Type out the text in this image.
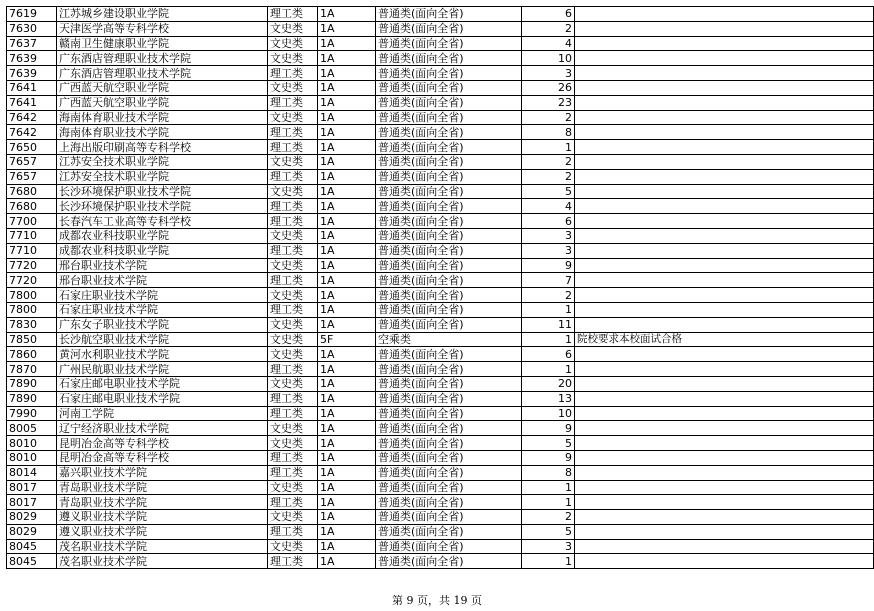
7619	江苏城乡建设职业学院	理工类	1A	普通类(面向全省)	6	
7630	天津医学高等专科学校	文史类	1A	普通类(面向全省)	2	
7637	赣南卫生健康职业学院	文史类	1A	普通类(面向全省)	4	
7639	广东酒店管理职业技术学院	文史类	1A	普通类(面向全省)	10	
7639	广东酒店管理职业技术学院	理工类	1A	普通类(面向全省)	3	
7641	广西蓝天航空职业学院	文史类	1A	普通类(面向全省)	26	
7641	广西蓝天航空职业学院	理工类	1A	普通类(面向全省)	23	
7642	海南体育职业技术学院	文史类	1A	普通类(面向全省)	2	
7642	海南体育职业技术学院	理工类	1A	普通类(面向全省)	8	
7650	上海出版印刷高等专科学校	理工类	1A	普通类(面向全省)	1	
7657	江苏安全技术职业学院	文史类	1A	普通类(面向全省)	2	
7657	江苏安全技术职业学院	理工类	1A	普通类(面向全省)	2	
7680	长沙环境保护职业技术学院	文史类	1A	普通类(面向全省)	5	
7680	长沙环境保护职业技术学院	理工类	1A	普通类(面向全省)	4	
7700	长春汽车工业高等专科学校	理工类	1A	普通类(面向全省)	6	
7710	成都农业科技职业学院	文史类	1A	普通类(面向全省)	3	
7710	成都农业科技职业学院	理工类	1A	普通类(面向全省)	3	
7720	邢台职业技术学院	文史类	1A	普通类(面向全省)	9	
7720	邢台职业技术学院	理工类	1A	普通类(面向全省)	7	
7800	石家庄职业技术学院	文史类	1A	普通类(面向全省)	2	
7800	石家庄职业技术学院	理工类	1A	普通类(面向全省)	1	
7830	广东女子职业技术学院	文史类	1A	普通类(面向全省)	11	
7850	长沙航空职业技术学院	文史类	5F	空乘类	1	院校要求本校面试合格
7860	黄河水利职业技术学院	文史类	1A	普通类(面向全省)	6	
7870	广州民航职业技术学院	理工类	1A	普通类(面向全省)	1	
7890	石家庄邮电职业技术学院	文史类	1A	普通类(面向全省)	20	
7890	石家庄邮电职业技术学院	理工类	1A	普通类(面向全省)	13	
7990	河南工学院	理工类	1A	普通类(面向全省)	10	
8005	辽宁经济职业技术学院	文史类	1A	普通类(面向全省)	9	
8010	昆明冶金高等专科学校	文史类	1A	普通类(面向全省)	5	
8010	昆明冶金高等专科学校	理工类	1A	普通类(面向全省)	9	
8014	嘉兴职业技术学院	理工类	1A	普通类(面向全省)	8	
8017	青岛职业技术学院	文史类	1A	普通类(面向全省)	1	
8017	青岛职业技术学院	理工类	1A	普通类(面向全省)	1	
8029	遵义职业技术学院	文史类	1A	普通类(面向全省)	2	
8029	遵义职业技术学院	理工类	1A	普通类(面向全省)	5	
8045	茂名职业技术学院	文史类	1A	普通类(面向全省)	3	
8045	茂名职业技术学院	理工类	1A	普通类(面向全省)	1	
第 9 页，共 19 页
